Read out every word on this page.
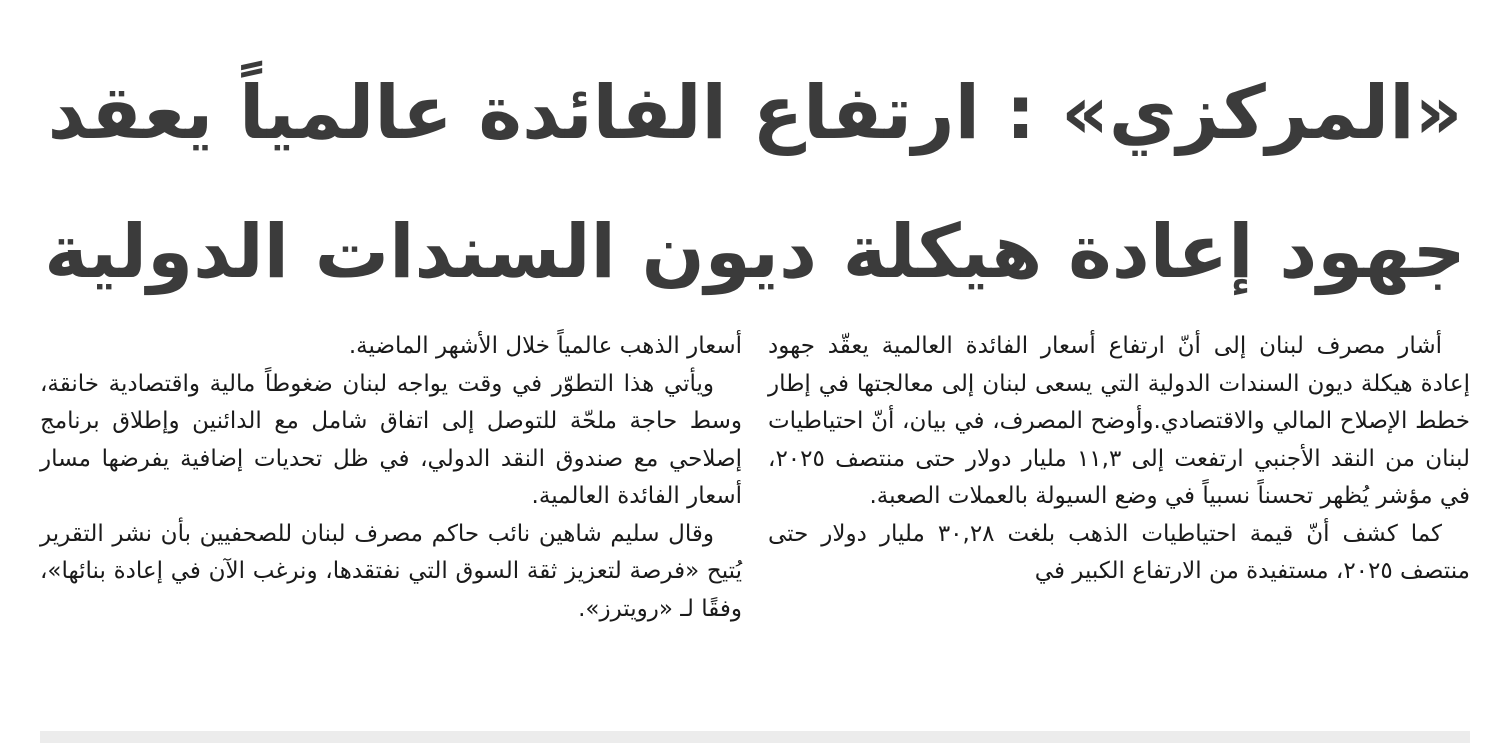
«المركزي» : ارتفاع الفائدة عالمياً يعقد
جهود إعادة هيكلة ديون السندات الدولية

أشار مصرف لبنان إلى أنّ ارتفاع أسعار الفائدة العالمية يعقّد جهود إعادة هيكلة ديون السندات الدولية التي يسعى لبنان إلى معالجتها في إطار خطط الإصلاح المالي والاقتصادي.وأوضح المصرف، في بيان، أنّ احتياطيات لبنان من النقد الأجنبي ارتفعت إلى ١١,٣ مليار دولار حتى منتصف ٢٠٢٥، في مؤشر يُظهر تحسناً نسبياً في وضع السيولة بالعملات الصعبة.

كما كشف أنّ قيمة احتياطيات الذهب بلغت ٣٠,٢٨ مليار دولار حتى منتصف ٢٠٢٥، مستفيدة من الارتفاع الكبير في

أسعار الذهب عالمياً خلال الأشهر الماضية.

ويأتي هذا التطوّر في وقت يواجه لبنان ضغوطاً مالية واقتصادية خانقة، وسط حاجة ملحّة للتوصل إلى اتفاق شامل مع الدائنين وإطلاق برنامج إصلاحي مع صندوق النقد الدولي، في ظل تحديات إضافية يفرضها مسار أسعار الفائدة العالمية.

وقال سليم شاهين نائب حاكم مصرف لبنان للصحفيين بأن نشر التقرير يُتيح «فرصة لتعزيز ثقة السوق التي نفتقدها، ونرغب الآن في إعادة بنائها»، وفقًا لـ «رويترز».
